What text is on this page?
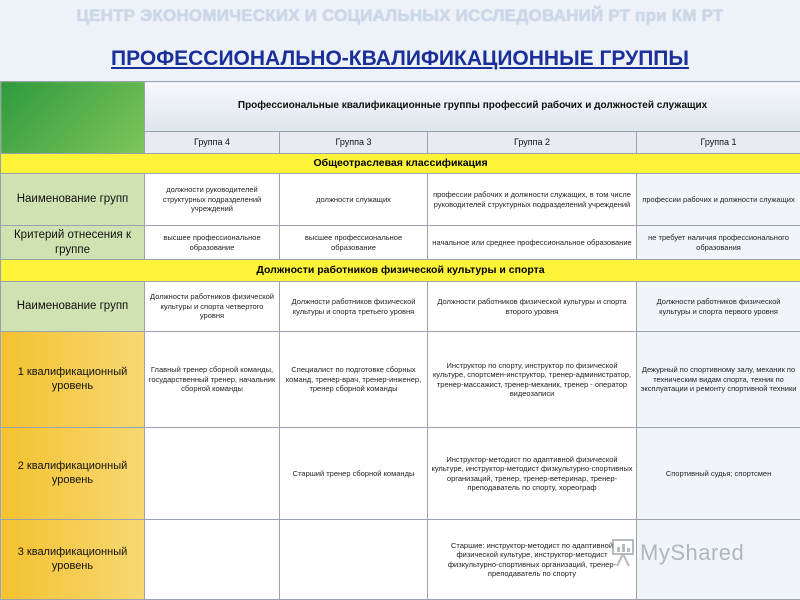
ЦЕНТР ЭКОНОМИЧЕСКИХ И СОЦИАЛЬНЫХ ИССЛЕДОВАНИЙ РТ при КМ РТ
ПРОФЕССИОНАЛЬНО-КВАЛИФИКАЦИОННЫЕ ГРУППЫ
	Профессиональные квалификационные группы профессий рабочих и должностей служащих			
	Группа 4	Группа 3	Группа 2	Группа 1
Общеотраслевая классификация				
Наименование групп	должности руководителей структурных подразделений учреждений	должности служащих	профессии рабочих и должности служащих, в том числе руководителей структурных подразделений учреждений	профессии рабочих и должности служащих
Критерий отнесения к группе	высшее профессиональное образование	высшее профессиональное образование	начальное или среднее профессиональное образование	не требует наличия профессионального образования
Должности работников физической культуры и спорта				
Наименование групп	Должности работников физической культуры и спорта четвертого уровня	Должности работников физической культуры и спорта третьего уровня	Должности работников физической культуры и спорта второго уровня	Должности работников физической культуры и спорта первого уровня
1 квалификационный уровень	Главный тренер сборной команды, государственный тренер, начальник сборной команды	Специалист по подготовке сборных команд, тренер-врач, тренер-инженер, тренер сборной команды	Инструктор по спорту, инструктор по физической культуре, спортсмен-инструктор, тренер-администратор, тренер-массажист, тренер-механик, тренер - оператор видеозаписи	Дежурный по спортивному залу, механик по техническим видам спорта, техник по эксплуатации и ремонту спортивной техники
2 квалификационный уровень		Старший тренер сборной команды	Инструктор-методист по адаптивной физической культуре, инструктор-методист физкультурно-спортивных организаций, тренер, тренер-ветеринар, тренер-преподаватель по спорту, хореограф	Спортивный судья; спортсмен
3 квалификационный уровень			Старшие: инструктор-методист по адаптивной физической культуре, инструктор-методист физкультурно-спортивных организаций, тренер-преподаватель по спорту	
MyShared
